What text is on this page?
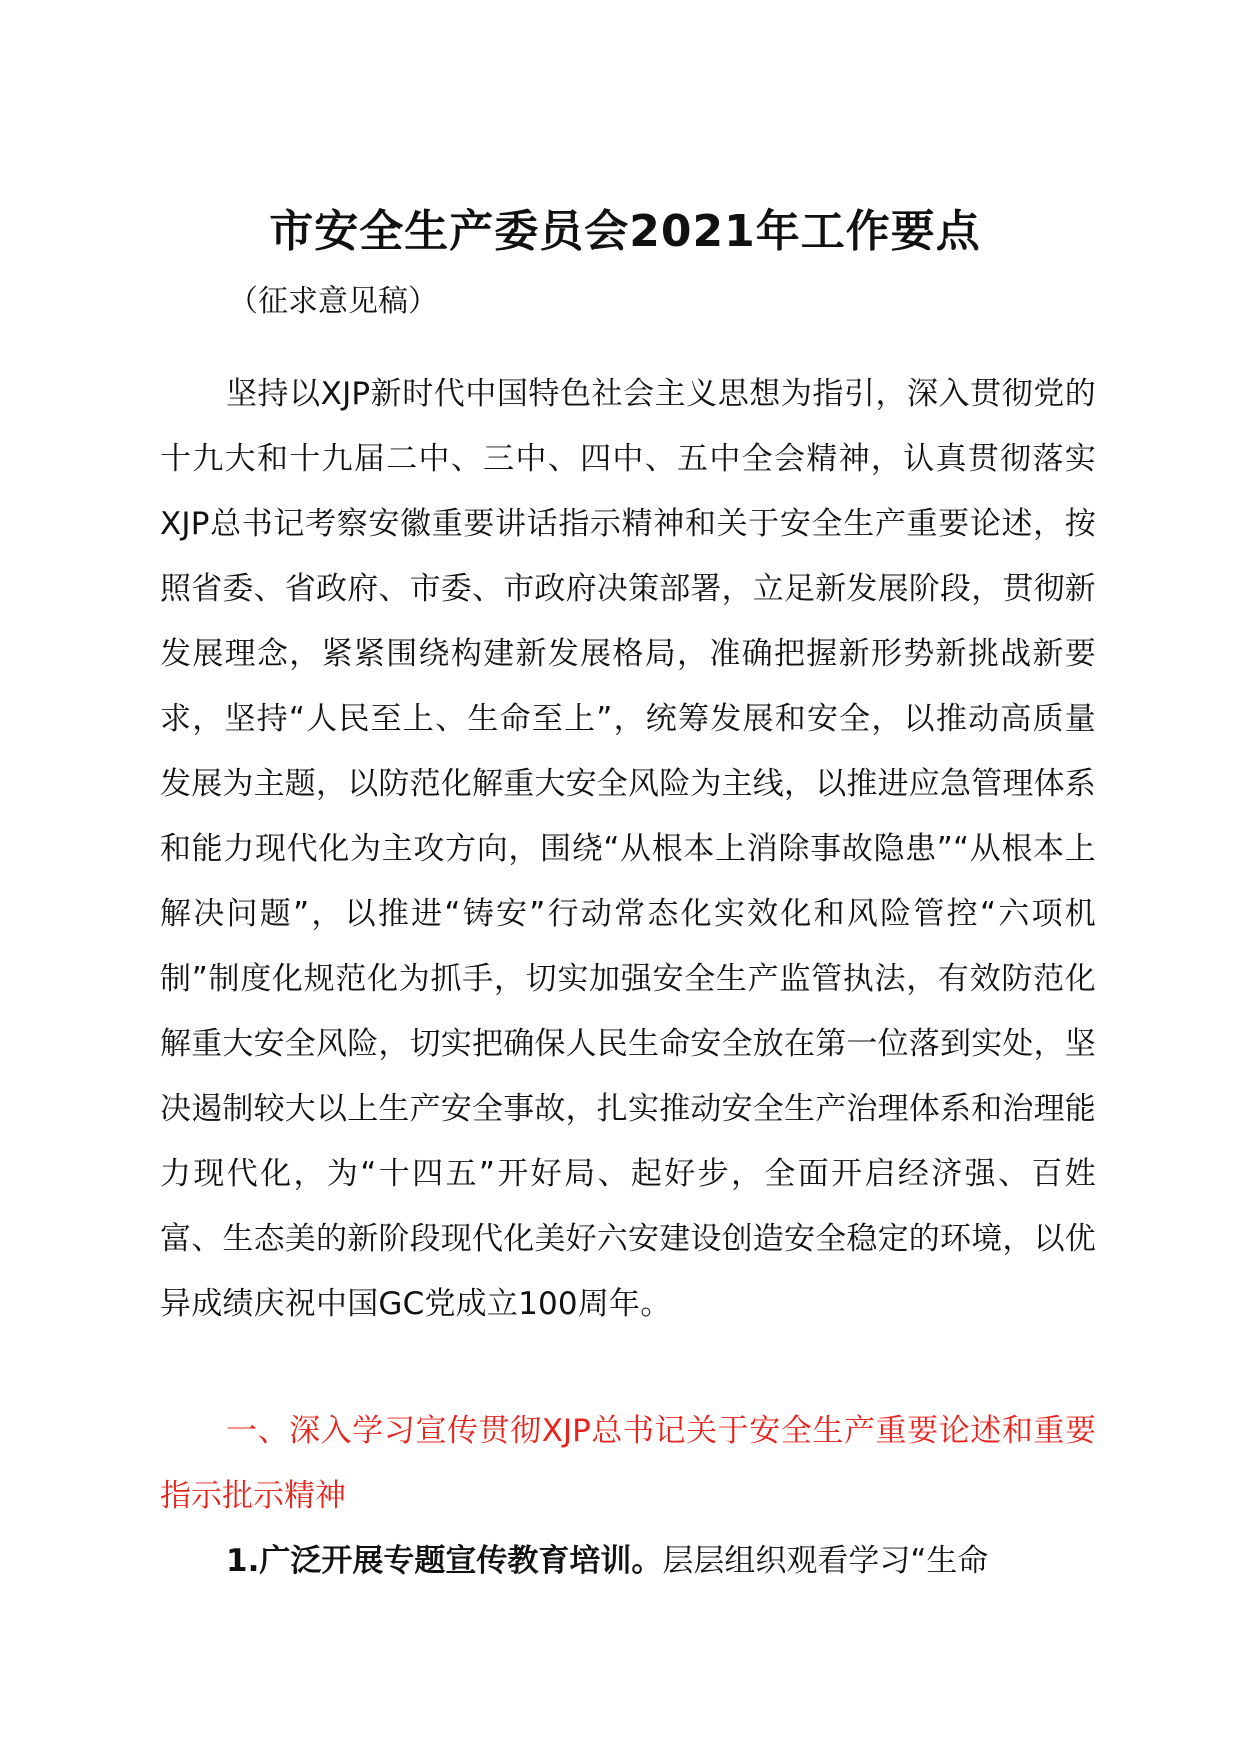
市安全生产委员会2021年工作要点
（征求意见稿）

坚持以XJP新时代中国特色社会主义思想为指引，深入贯彻党的十九大和十九届二中、三中、四中、五中全会精神，认真贯彻落实XJP总书记考察安徽重要讲话指示精神和关于安全生产重要论述，按照省委、省政府、市委、市政府决策部署，立足新发展阶段，贯彻新发展理念，紧紧围绕构建新发展格局，准确把握新形势新挑战新要求，坚持“人民至上、生命至上”，统筹发展和安全，以推动高质量发展为主题，以防范化解重大安全风险为主线，以推进应急管理体系和能力现代化为主攻方向，围绕“从根本上消除事故隐患”“从根本上解决问题”，以推进“铸安”行动常态化实效化和风险管控“六项机制”制度化规范化为抓手，切实加强安全生产监管执法，有效防范化解重大安全风险，切实把确保人民生命安全放在第一位落到实处，坚决遏制较大以上生产安全事故，扎实推动安全生产治理体系和治理能力现代化，为“十四五”开好局、起好步，全面开启经济强、百姓富、生态美的新阶段现代化美好六安建设创造安全稳定的环境，以优异成绩庆祝中国GC党成立100周年。

一、深入学习宣传贯彻XJP总书记关于安全生产重要论述和重要指示批示精神

1.广泛开展专题宣传教育培训。层层组织观看学习“生命
